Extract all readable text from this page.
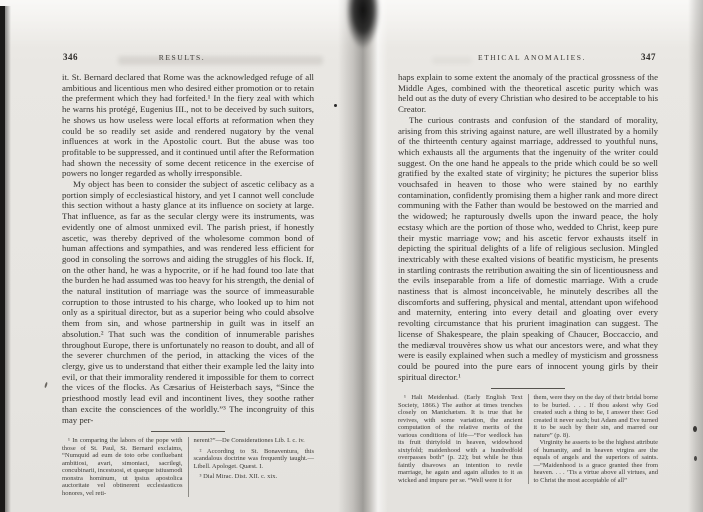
346	RESULTS.

it. St. Bernard declared that Rome was the acknowledged refuge of all ambitious and licentious men who desired either promotion or to retain the preferment which they had forfeited.¹ In the fiery zeal with which he warns his protégé, Eugenius III., not to be deceived by such suitors, he shows us how useless were local efforts at reformation when they could be so readily set aside and rendered nugatory by the venal influences at work in the Apostolic court. But the abuse was too profitable to be suppressed, and it continued until after the Reformation had shown the necessity of some decent reticence in the exercise of powers no longer regarded as wholly irresponsible.

My object has been to consider the subject of ascetic celibacy as a portion simply of ecclesiastical history, and yet I cannot well conclude this section without a hasty glance at its influence on society at large. That influence, as far as the secular clergy were its instruments, was evidently one of almost unmixed evil. The parish priest, if honestly ascetic, was thereby deprived of the wholesome common bond of human affections and sympathies, and was rendered less efficient for good in consoling the sorrows and aiding the struggles of his flock. If, on the other hand, he was a hypocrite, or if he had found too late that the burden he had assumed was too heavy for his strength, the denial of the natural institution of marriage was the source of immeasurable corruption to those intrusted to his charge, who looked up to him not only as a spiritual director, but as a superior being who could absolve them from sin, and whose partnership in guilt was in itself an absolution.² That such was the condition of innumerable parishes throughout Europe, there is unfortunately no reason to doubt, and all of the severer churchmen of the period, in attacking the vices of the clergy, give us to understand that either their example led the laity into evil, or that their immorality rendered it impossible for them to correct the vices of the flocks. As Cæsarius of Heisterbach says, “Since the priesthood mostly lead evil and incontinent lives, they soothe rather than excite the consciences of the worldly.”³ The incongruity of this may per-

¹ In comparing the labors of the pope with those of St. Paul, St. Bernard exclaims, “Numquid ad eum de toto orbe confluebant ambitiosi, avari, simoniaci, sacrilegi, concubinarii, incestuosi, et quæque istiusmodi monstra hominum, ut ipsius apostolica auctoritate vel obtinerent ecclesiasticos honores, vel reti-

nerent?”—De Considerationes Lib. I. c. iv.

² According to St. Bonaventura, this scandalous doctrine was frequently taught.—Libell. Apologet. Quæst. I.

³ Dial Mirac. Dist. XII. c. xix.

ETHICAL ANOMALIES.	347

haps explain to some extent the anomaly of the practical grossness of the Middle Ages, combined with the theoretical ascetic purity which was held out as the duty of every Christian who desired to be acceptable to his Creator.

The curious contrasts and confusion of the standard of morality, arising from this striving against nature, are well illustrated by a homily of the thirteenth century against marriage, addressed to youthful nuns, which exhausts all the arguments that the ingenuity of the writer could suggest. On the one hand he appeals to the pride which could be so well gratified by the exalted state of virginity; he pictures the superior bliss vouchsafed in heaven to those who were stained by no earthly contamination, confidently promising them a higher rank and more direct communing with the Father than would be bestowed on the married and the widowed; he rapturously dwells upon the inward peace, the holy ecstasy which are the portion of those who, wedded to Christ, keep pure their mystic marriage vow; and his ascetic fervor exhausts itself in depicting the spiritual delights of a life of religious seclusion. Mingled inextricably with these exalted visions of beatific mysticism, he presents in startling contrasts the retribution awaiting the sin of licentiousness and the evils inseparable from a life of domestic marriage. With a crude nastiness that is almost inconceivable, he minutely describes all the discomforts and suffering, physical and mental, attendant upon wifehood and maternity, entering into every detail and gloating over every revolting circumstance that his prurient imagination can suggest. The license of Shakespeare, the plain speaking of Chaucer, Boccaccio, and the mediæval trouvères show us what our ancestors were, and what they were is easily explained when such a medley of mysticism and grossness could be poured into the pure ears of innocent young girls by their spiritual director.¹

¹ Hali Meidenhad. (Early English Text Society, 1866.) The author at times trenches closely on Manichæism. It is true that he revives, with some variation, the ancient computation of the relative merits of the various conditions of life—“For wedlock has its fruit thirtyfold in heaven, widowhood sixtyfold; maidenhood with a hundredfold overpasses both” (p. 22); but while he thus faintly disavows an intention to revile marriage, he again and again alludes to it as wicked and impure per se. “Well were it for

them, were they on the day of their bridal borne to be buried. . . . If thou askest why God created such a thing to be, I answer thee: God created it never such; but Adam and Eve turned it to be such by their sin, and marred our nature” (p. 8).

Virginity he asserts to be the highest attribute of humanity, and in heaven virgins are the equals of angels and the superiors of saints.—“Maidenhood is a grace granted thee from heaven. . . . ’Tis a virtue above all virtues, and to Christ the most acceptable of all”
